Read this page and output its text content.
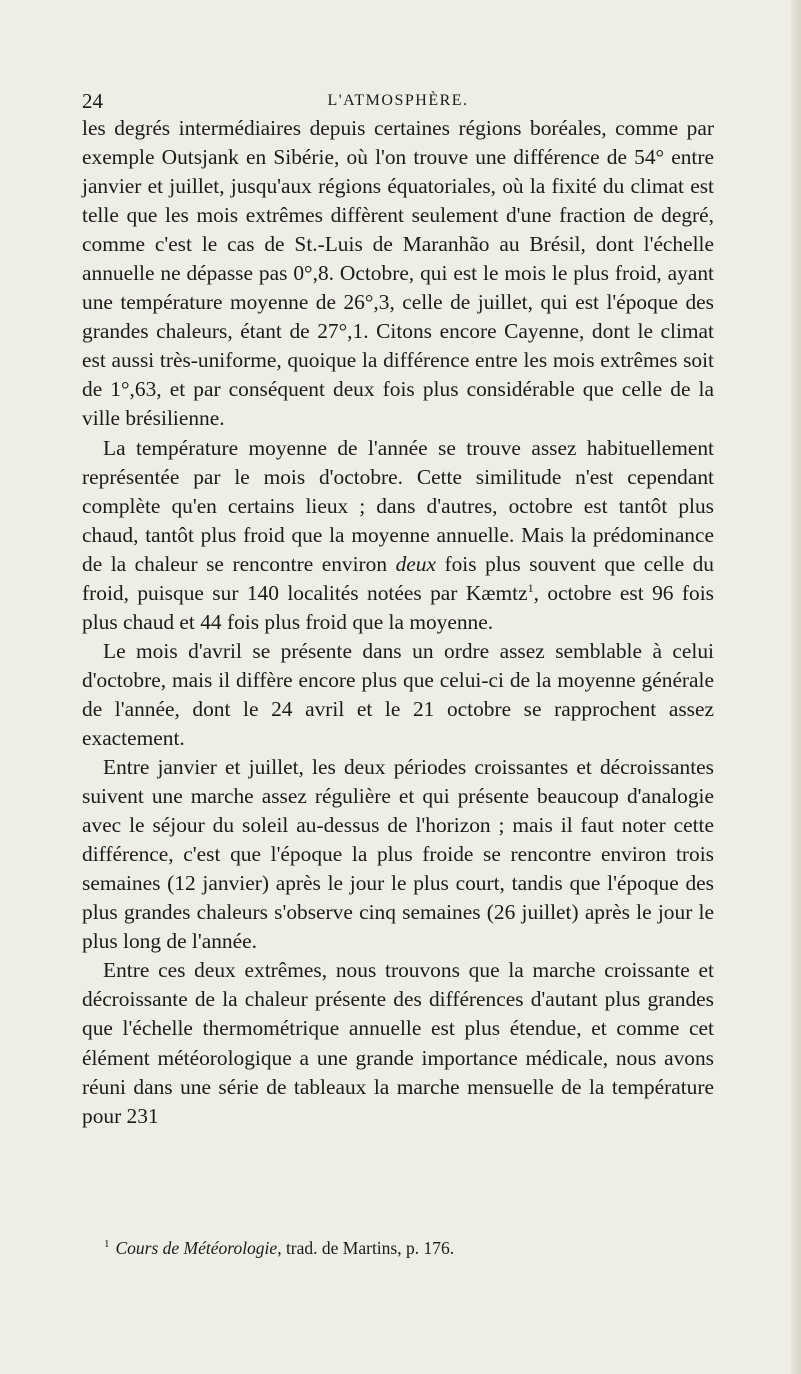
24	L'ATMOSPHÈRE.

les degrés intermédiaires depuis certaines régions boréales, comme par exemple Outsjank en Sibérie, où l'on trouve une différence de 54° entre janvier et juillet, jusqu'aux régions équatoriales, où la fixité du climat est telle que les mois extrêmes diffèrent seulement d'une fraction de degré, comme c'est le cas de St.-Luis de Maranhão au Brésil, dont l'échelle annuelle ne dépasse pas 0°,8. Octobre, qui est le mois le plus froid, ayant une température moyenne de 26°,3, celle de juillet, qui est l'époque des grandes chaleurs, étant de 27°,1. Citons encore Cayenne, dont le climat est aussi très-uniforme, quoique la différence entre les mois extrêmes soit de 1°,63, et par conséquent deux fois plus considérable que celle de la ville brésilienne.

La température moyenne de l'année se trouve assez habituellement représentée par le mois d'octobre. Cette similitude n'est cependant complète qu'en certains lieux ; dans d'autres, octobre est tantôt plus chaud, tantôt plus froid que la moyenne annuelle. Mais la prédominance de la chaleur se rencontre environ deux fois plus souvent que celle du froid, puisque sur 140 localités notées par Kæmtz$^1$, octobre est 96 fois plus chaud et 44 fois plus froid que la moyenne.

Le mois d'avril se présente dans un ordre assez semblable à celui d'octobre, mais il diffère encore plus que celui-ci de la moyenne générale de l'année, dont le 24 avril et le 21 octobre se rapprochent assez exactement.

Entre janvier et juillet, les deux périodes croissantes et décroissantes suivent une marche assez régulière et qui présente beaucoup d'analogie avec le séjour du soleil au-dessus de l'horizon ; mais il faut noter cette différence, c'est que l'époque la plus froide se rencontre environ trois semaines (12 janvier) après le jour le plus court, tandis que l'époque des plus grandes chaleurs s'observe cinq semaines (26 juillet) après le jour le plus long de l'année.

Entre ces deux extrêmes, nous trouvons que la marche croissante et décroissante de la chaleur présente des différences d'autant plus grandes que l'échelle thermométrique annuelle est plus étendue, et comme cet élément météorologique a une grande importance médicale, nous avons réuni dans une série de tableaux la marche mensuelle de la température pour 231

$^1$ Cours de Météorologie, trad. de Martins, p. 176.
